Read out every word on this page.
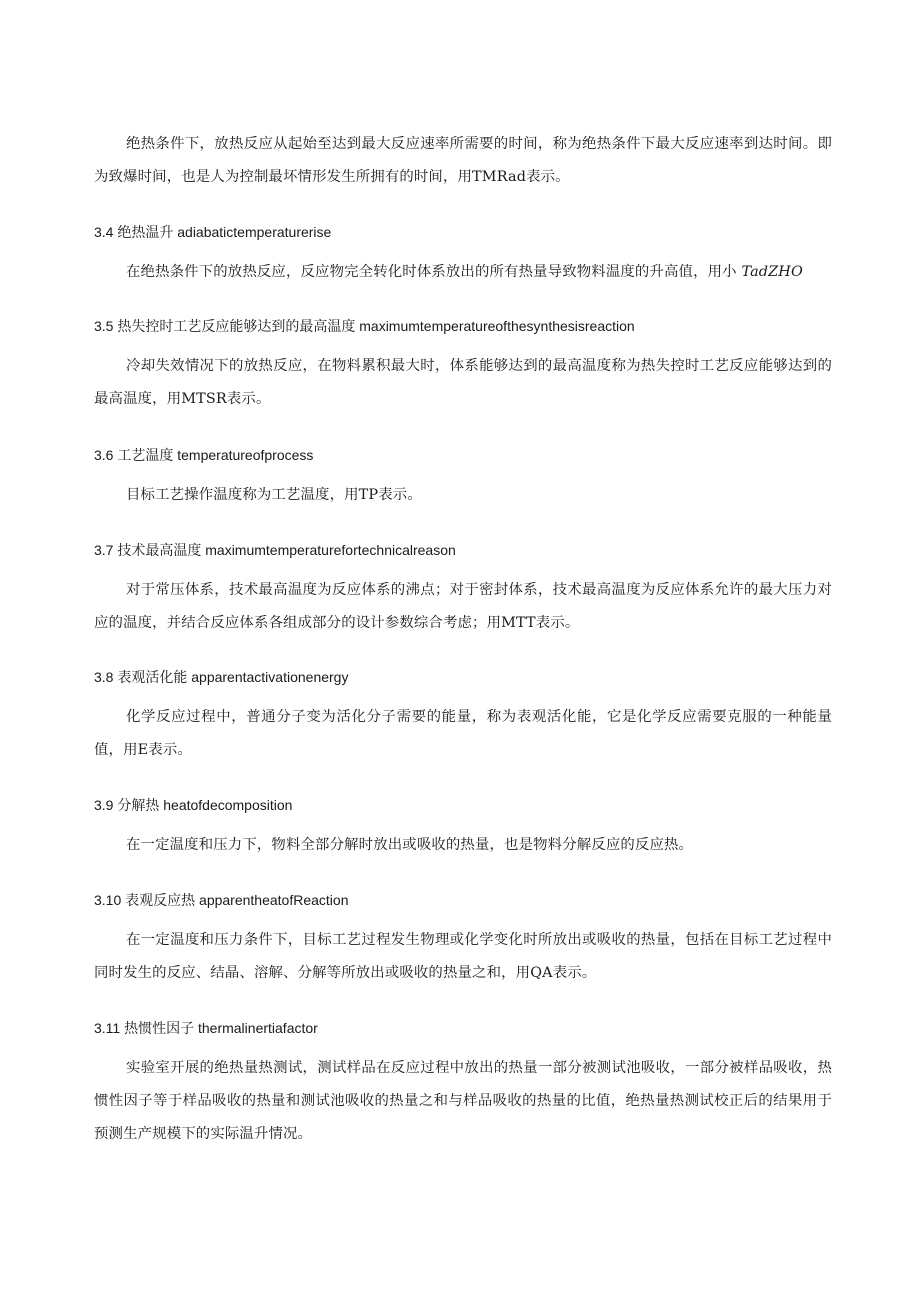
绝热条件下，放热反应从起始至达到最大反应速率所需要的时间，称为绝热条件下最大反应速率到达时间。即为致爆时间，也是人为控制最坏情形发生所拥有的时间，用TMRad表示。

3.4 绝热温升 adiabatictemperaturerise

在绝热条件下的放热反应，反应物完全转化时体系放出的所有热量导致物料温度的升高值，用小 TadZHO

3.5 热失控时工艺反应能够达到的最高温度 maximumtemperatureofthesynthesisreaction

冷却失效情况下的放热反应，在物料累积最大时，体系能够达到的最高温度称为热失控时工艺反应能够达到的最高温度，用MTSR表示。

3.6 工艺温度 temperatureofprocess

目标工艺操作温度称为工艺温度，用TP表示。

3.7 技术最高温度 maximumtemperaturefortechnicalreason

对于常压体系，技术最高温度为反应体系的沸点；对于密封体系，技术最高温度为反应体系允许的最大压力对应的温度，并结合反应体系各组成部分的设计参数综合考虑；用MTT表示。

3.8 表观活化能 apparentactivationenergy

化学反应过程中，普通分子变为活化分子需要的能量，称为表观活化能，它是化学反应需要克服的一种能量值，用E表示。

3.9 分解热 heatofdecomposition

在一定温度和压力下，物料全部分解时放出或吸收的热量，也是物料分解反应的反应热。

3.10 表观反应热 apparentheatofReaction

在一定温度和压力条件下，目标工艺过程发生物理或化学变化时所放出或吸收的热量，包括在目标工艺过程中同时发生的反应、结晶、溶解、分解等所放出或吸收的热量之和，用QA表示。

3.11 热惯性因子 thermalinertiafactor

实验室开展的绝热量热测试，测试样品在反应过程中放出的热量一部分被测试池吸收，一部分被样品吸收，热惯性因子等于样品吸收的热量和测试池吸收的热量之和与样品吸收的热量的比值，绝热量热测试校正后的结果用于预测生产规模下的实际温升情况。
